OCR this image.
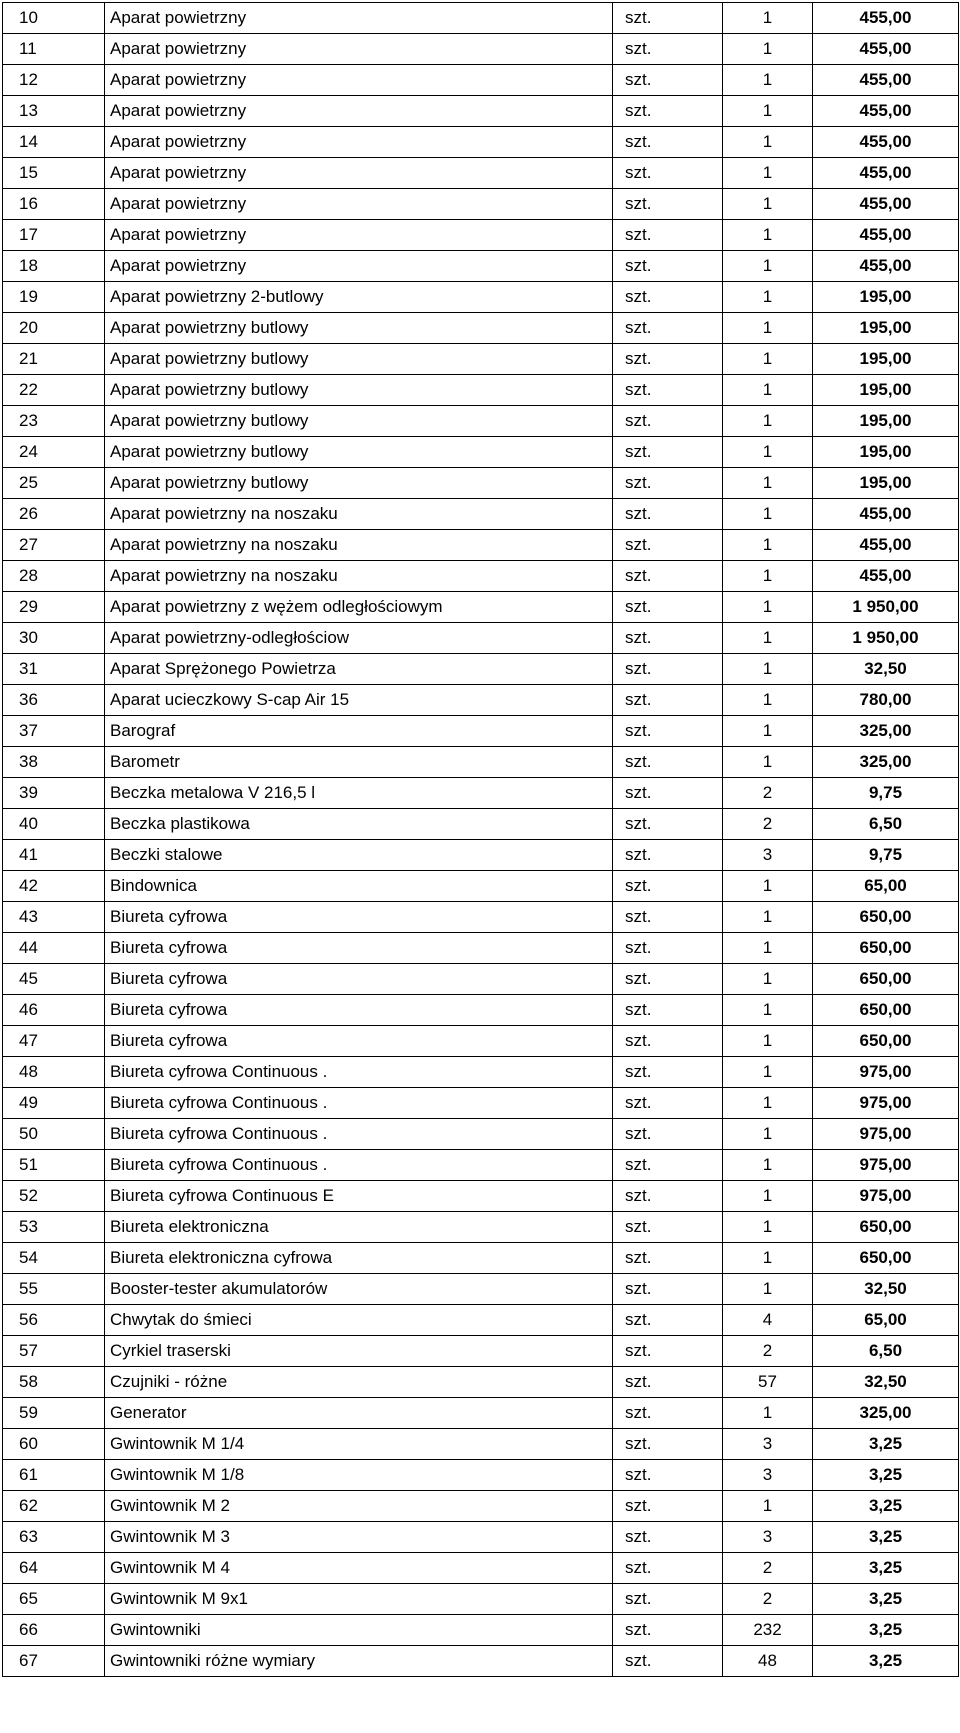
10	Aparat powietrzny	szt.	1	455,00
11	Aparat powietrzny	szt.	1	455,00
12	Aparat powietrzny	szt.	1	455,00
13	Aparat powietrzny	szt.	1	455,00
14	Aparat powietrzny	szt.	1	455,00
15	Aparat powietrzny	szt.	1	455,00
16	Aparat powietrzny	szt.	1	455,00
17	Aparat powietrzny	szt.	1	455,00
18	Aparat powietrzny	szt.	1	455,00
19	Aparat powietrzny 2-butlowy	szt.	1	195,00
20	Aparat powietrzny butlowy	szt.	1	195,00
21	Aparat powietrzny butlowy	szt.	1	195,00
22	Aparat powietrzny butlowy	szt.	1	195,00
23	Aparat powietrzny butlowy	szt.	1	195,00
24	Aparat powietrzny butlowy	szt.	1	195,00
25	Aparat powietrzny butlowy	szt.	1	195,00
26	Aparat powietrzny na noszaku	szt.	1	455,00
27	Aparat powietrzny na noszaku	szt.	1	455,00
28	Aparat powietrzny na noszaku	szt.	1	455,00
29	Aparat powietrzny z wężem odległościowym	szt.	1	1 950,00
30	Aparat powietrzny-odległościow	szt.	1	1 950,00
31	Aparat Sprężonego Powietrza	szt.	1	32,50
36	Aparat ucieczkowy S-cap Air 15	szt.	1	780,00
37	Barograf	szt.	1	325,00
38	Barometr	szt.	1	325,00
39	Beczka metalowa V 216,5 l	szt.	2	9,75
40	Beczka plastikowa	szt.	2	6,50
41	Beczki stalowe	szt.	3	9,75
42	Bindownica	szt.	1	65,00
43	Biureta cyfrowa	szt.	1	650,00
44	Biureta cyfrowa	szt.	1	650,00
45	Biureta cyfrowa	szt.	1	650,00
46	Biureta cyfrowa	szt.	1	650,00
47	Biureta cyfrowa	szt.	1	650,00
48	Biureta cyfrowa Continuous .	szt.	1	975,00
49	Biureta cyfrowa Continuous .	szt.	1	975,00
50	Biureta cyfrowa Continuous .	szt.	1	975,00
51	Biureta cyfrowa Continuous .	szt.	1	975,00
52	Biureta cyfrowa Continuous E	szt.	1	975,00
53	Biureta elektroniczna	szt.	1	650,00
54	Biureta elektroniczna cyfrowa	szt.	1	650,00
55	Booster-tester akumulatorów	szt.	1	32,50
56	Chwytak do śmieci	szt.	4	65,00
57	Cyrkiel traserski	szt.	2	6,50
58	Czujniki - różne	szt.	57	32,50
59	Generator	szt.	1	325,00
60	Gwintownik M 1/4	szt.	3	3,25
61	Gwintownik M 1/8	szt.	3	3,25
62	Gwintownik M 2	szt.	1	3,25
63	Gwintownik M 3	szt.	3	3,25
64	Gwintownik M 4	szt.	2	3,25
65	Gwintownik M 9x1	szt.	2	3,25
66	Gwintowniki	szt.	232	3,25
67	Gwintowniki różne wymiary	szt.	48	3,25
